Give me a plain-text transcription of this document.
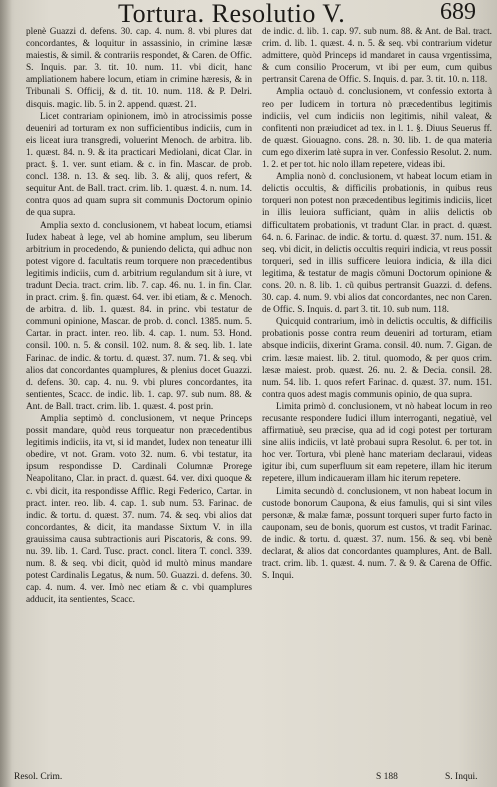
Tortura. Resolutio V.	689

plenè Guazzi d. defens. 30. cap. 4. num. 8. vbi plures dat concordantes, & loquitur in assassinio, in crimine læsæ maiestis, & simil. & contrariis respondet, & Caren. de Offic. S. Inquis. par. 3. tit. 10. num. 11. vbi dicit, hanc ampliationem habere locum, etiam in crimine hæresis, & in Tribunali S. Officij, & d. tit. 10. num. 118. & P. Delri. disquis. magic. lib. 5. in 2. append. quæst. 21.

Licet contrariam opinionem, imò in atrocissimis posse deueniri ad torturam ex non sufficientibus indiciis, cum in eis liceat iura transgredi, voluerint Menoch. de arbitra. lib. 1. quæst. 84. n. 9. & ita practicari Mediolani, dicat Clar. in pract. §. 1. ver. sunt etiam. & c. in fin. Mascar. de prob. concl. 138. n. 13. & seq. lib. 3. & alij, quos refert, & sequitur Ant. de Ball. tract. crim. lib. 1. quæst. 4. n. num. 14. contra quos ad quam supra sit communis Doctorum opinio de qua supra.

Amplia sexto d. conclusionem, vt habeat locum, etiamsi Iudex habeat à lege, vel ab homine amplum, seu liberum arbitrium in procedendo, & puniendo delicta, qui adhuc non potest vigore d. facultatis reum torquere non præcedentibus legitimis indiciis, cum d. arbitrium regulandum sit à iure, vt tradunt Decia. tract. crim. lib. 7. cap. 46. nu. 1. in fin. Clar. in pract. crim. §. fin. quæst. 64. ver. ibi etiam, & c. Menoch. de arbitra. d. lib. 1. quæst. 84. in princ. vbi testatur de communi opinione, Mascar. de prob. d. concl. 1385. num. 5. Cartar. in pract. inter. reo. lib. 4. cap. 1. num. 53. Hond. consil. 100. n. 5. & consil. 102. num. 8. & seq. lib. 1. late Farinac. de indic. & tortu. d. quæst. 37. num. 71. & seq. vbi alios dat concordantes quamplures, & plenius docet Guazzi. d. defens. 30. cap. 4. nu. 9. vbi plures concordantes, ita sentientes, Scacc. de indic. lib. 1. cap. 97. sub num. 88. & Ant. de Ball. tract. crim. lib. 1. quæst. 4. post prin.

Amplia septimò d. conclusionem, vt neque Princeps possit mandare, quòd reus torqueatur non præcedentibus legitimis indiciis, ita vt, si id mandet, Iudex non teneatur illi obedire, vt not. Gram. voto 32. num. 6. vbi testatur, ita ipsum respondisse D. Cardinali Columnæ Prorege Neapolitano, Clar. in pract. d. quæst. 64. ver. dixi quoque & c. vbi dicit, ita respondisse Afflic. Regi Federico, Cartar. in pract. inter. reo. lib. 4. cap. 1. sub num. 53. Farinac. de indic. & tortu. d. quæst. 37. num. 74. & seq. vbi alios dat concordantes, & dicit, ita mandasse Sixtum V. in illa grauissima causa subtractionis auri Piscatoris, & cons. 99. nu. 39. lib. 1. Card. Tusc. pract. concl. litera T. concl. 339. num. 8. & seq. vbi dicit, quòd id multò minus mandare potest Cardinalis Legatus, & num. 50. Guazzi. d. defens. 30. cap. 4. num. 4. ver. Imò nec etiam & c. vbi quamplures adducit, ita sentientes, Scacc.

de indic. d. lib. 1. cap. 97. sub num. 88. & Ant. de Bal. tract. crim. d. lib. 1. quæst. 4. n. 5. & seq. vbi contrarium videtur admittere, quòd Princeps id mandaret in causa vrgentissima, & cum consilio Procerum, vt ibi per eum, cum quibus pertransit Carena de Offic. S. Inquis. d. par. 3. tit. 10. n. 118.

Amplia octauò d. conclusionem, vt confessio extorta à reo per Iudicem in tortura nò præcedentibus legitimis indiciis, vel cum indiciis non legitimis, nihil valeat, & confitenti non præiudicet ad tex. in l. 1. §. Diuus Seuerus ff. de quæst. Giouagno. cons. 28. n. 30. lib. 1. de qua materia cum ego dixerim latè supra in ver. Confessio Resolut. 2. num. 1. 2. et per tot. hic nolo illam repetere, videas ibi.

Amplia nonò d. conclusionem, vt habeat locum etiam in delictis occultis, & difficilis probationis, in quibus reus torqueri non potest non præcedentibus legitimis indiciis, licet in illis leuiora sufficiant, quàm in aliis delictis ob difficultatem probationis, vt tradunt Clar. in pract. d. quæst. 64. n. 6. Farinac. de indic. & tortu. d. quæst. 37. num. 151. & seq. vbi dicit, in delictis occultis requiri indicia, vt reus possit torqueri, sed in illis sufficere leuiora indicia, & illa dici legitima, & testatur de magis cõmuni Doctorum opinione & cons. 20. n. 8. lib. 1. cũ quibus pertransit Guazzi. d. defens. 30. cap. 4. num. 9. vbi alios dat concordantes, nec non Caren. de Offic. S. Inquis. d. part 3. tit. 10. sub num. 118.

Quicquid contrarium, imò in delictis occultis, & difficilis probationis posse contra reum deueniri ad torturam, etiam absque indiciis, dixerint Grama. consil. 40. num. 7. Gigan. de crim. læsæ maiest. lib. 2. titul. quomodo, & per quos crim. læsæ maiest. prob. quæst. 26. nu. 2. & Decia. consil. 28. num. 54. lib. 1. quos refert Farinac. d. quæst. 37. num. 151. contra quos adest magis communis opinio, de qua supra.

Limita primò d. conclusionem, vt nò habeat locum in reo recusante respondere Iudici illum interroganti, negatiuè, vel affirmatiuè, seu præcise, qua ad id cogi potest per torturam sine aliis indiciis, vt latè probaui supra Resolut. 6. per tot. in hoc ver. Tortura, vbi plenè hanc materiam declaraui, videas igitur ibi, cum superfluum sit eam repetere, illam hic iterum repetere, illum indicaueram illam hic iterum repetere.

Limita secundò d. conclusionem, vt non habeat locum in custode bonorum Caupona, & eius famulis, qui si sint viles personæ, & malæ famæ, possunt torqueri super furto facto in cauponam, seu de bonis, quorum est custos, vt tradit Farinac. de indic. & tortu. d. quæst. 37. num. 156. & seq. vbi benè declarat, & alios dat concordantes quamplures, Ant. de Ball. tract. crim. lib. 1. quæst. 4. num. 7. & 9. & Carena de Offic. S. Inqui.

Resol. Crim.	S 188	S. Inqui.
